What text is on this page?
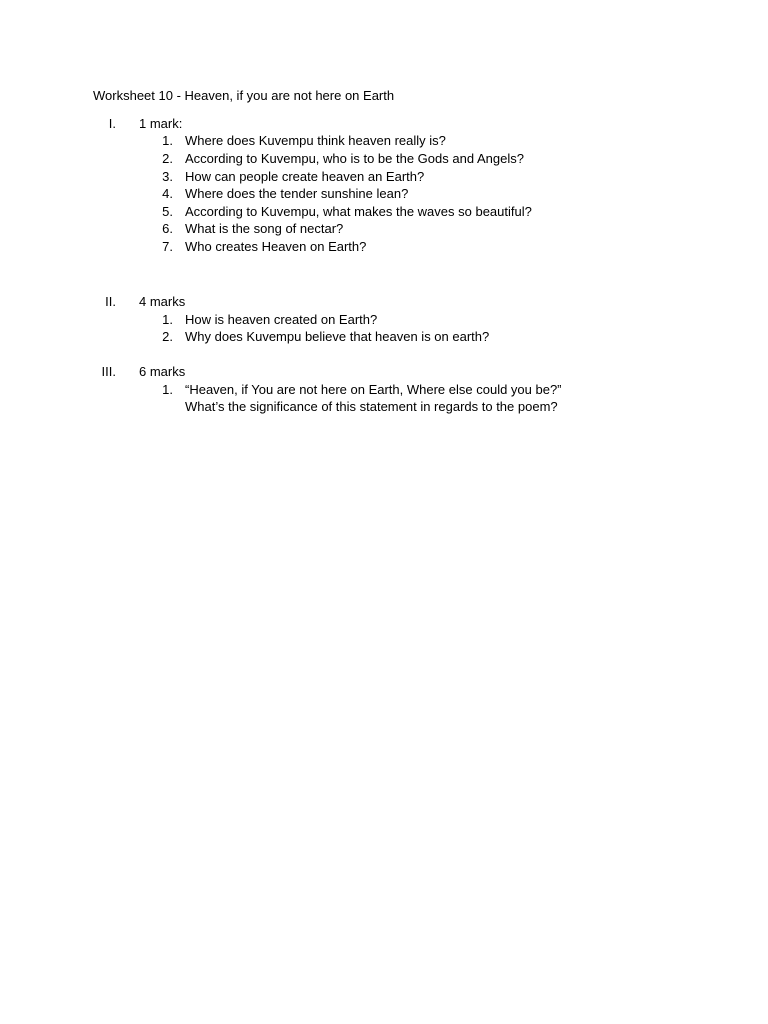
Worksheet 10 - Heaven, if you are not here on Earth
I. 1 mark:
1. Where does Kuvempu think heaven really is?
2. According to Kuvempu, who is to be the Gods and Angels?
3. How can people create heaven an Earth?
4. Where does the tender sunshine lean?
5. According to Kuvempu, what makes the waves so beautiful?
6. What is the song of nectar?
7. Who creates Heaven on Earth?
II. 4 marks
1. How is heaven created on Earth?
2. Why does Kuvempu believe that heaven is on earth?
III. 6 marks
1. “Heaven, if You are not here on Earth, Where else could you be?”
What’s the significance of this statement in regards to the poem?
